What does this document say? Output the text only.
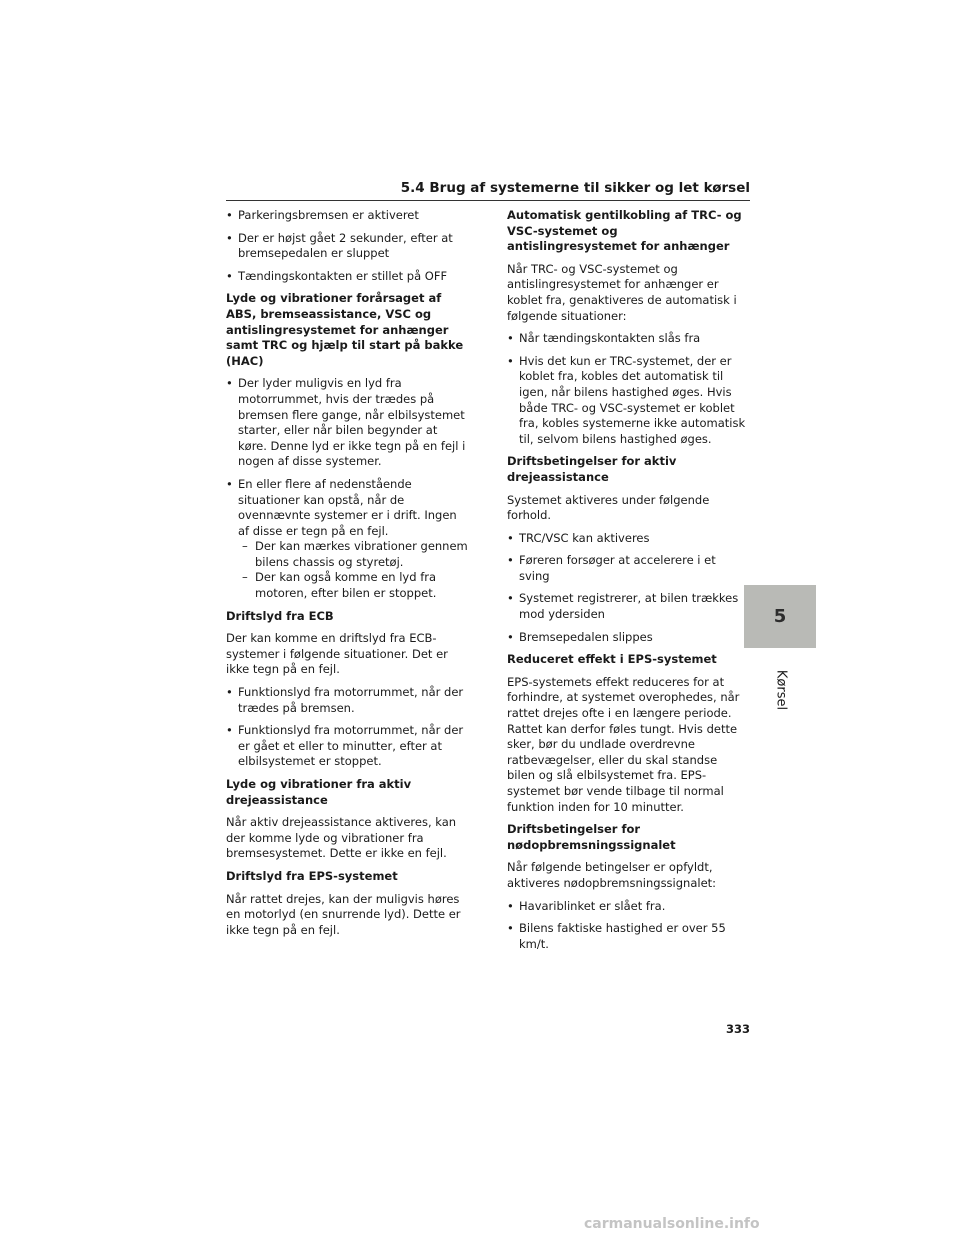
5.4 Brug af systemerne til sikker og let kørsel
• Parkeringsbremsen er aktiveret
• Der er højst gået 2 sekunder, efter at bremsepedalen er sluppet
• Tændingskontakten er stillet på OFF

Lyde og vibrationer forårsaget af ABS, bremseassistance, VSC og antislingresystemet for anhænger samt TRC og hjælp til start på bakke (HAC)

• Der lyder muligvis en lyd fra motorrummet, hvis der trædes på bremsen flere gange, når elbilsystemet starter, eller når bilen begynder at køre. Denne lyd er ikke tegn på en fejl i nogen af disse systemer.
• En eller flere af nedenstående situationer kan opstå, når de ovennævnte systemer er i drift. Ingen af disse er tegn på en fejl.
– Der kan mærkes vibrationer gennem bilens chassis og styretøj.
– Der kan også komme en lyd fra motoren, efter bilen er stoppet.

Driftslyd fra ECB

Der kan komme en driftslyd fra ECB-systemer i følgende situationer. Det er ikke tegn på en fejl.

• Funktionslyd fra motorrummet, når der trædes på bremsen.
• Funktionslyd fra motorrummet, når der er gået et eller to minutter, efter at elbilsystemet er stoppet.

Lyde og vibrationer fra aktiv drejeassistance

Når aktiv drejeassistance aktiveres, kan der komme lyde og vibrationer fra bremsesystemet. Dette er ikke en fejl.

Driftslyd fra EPS-systemet

Når rattet drejes, kan der muligvis høres en motorlyd (en snurrende lyd). Dette er ikke tegn på en fejl.

Automatisk gentilkobling af TRC- og VSC-systemet og antislingresystemet for anhænger

Når TRC- og VSC-systemet og antislingresystemet for anhænger er koblet fra, genaktiveres de automatisk i følgende situationer:

• Når tændingskontakten slås fra
• Hvis det kun er TRC-systemet, der er koblet fra, kobles det automatisk til igen, når bilens hastighed øges. Hvis både TRC- og VSC-systemet er koblet fra, kobles systemerne ikke automatisk til, selvom bilens hastighed øges.

Driftsbetingelser for aktiv drejeassistance

Systemet aktiveres under følgende forhold.

• TRC/VSC kan aktiveres
• Føreren forsøger at accelerere i et sving
• Systemet registrerer, at bilen trækkes mod ydersiden
• Bremsepedalen slippes

Reduceret effekt i EPS-systemet

EPS-systemets effekt reduceres for at forhindre, at systemet overophedes, når rattet drejes ofte i en længere periode. Rattet kan derfor føles tungt. Hvis dette sker, bør du undlade overdrevne ratbevægelser, eller du skal standse bilen og slå elbilsystemet fra. EPS-systemet bør vende tilbage til normal funktion inden for 10 minutter.

Driftsbetingelser for nødopbremsningssignalet

Når følgende betingelser er opfyldt, aktiveres nødopbremsningssignalet:

• Havariblinket er slået fra.
• Bilens faktiske hastighed er over 55 km/t.
5
Kørsel
333
carmanualsonline.info
